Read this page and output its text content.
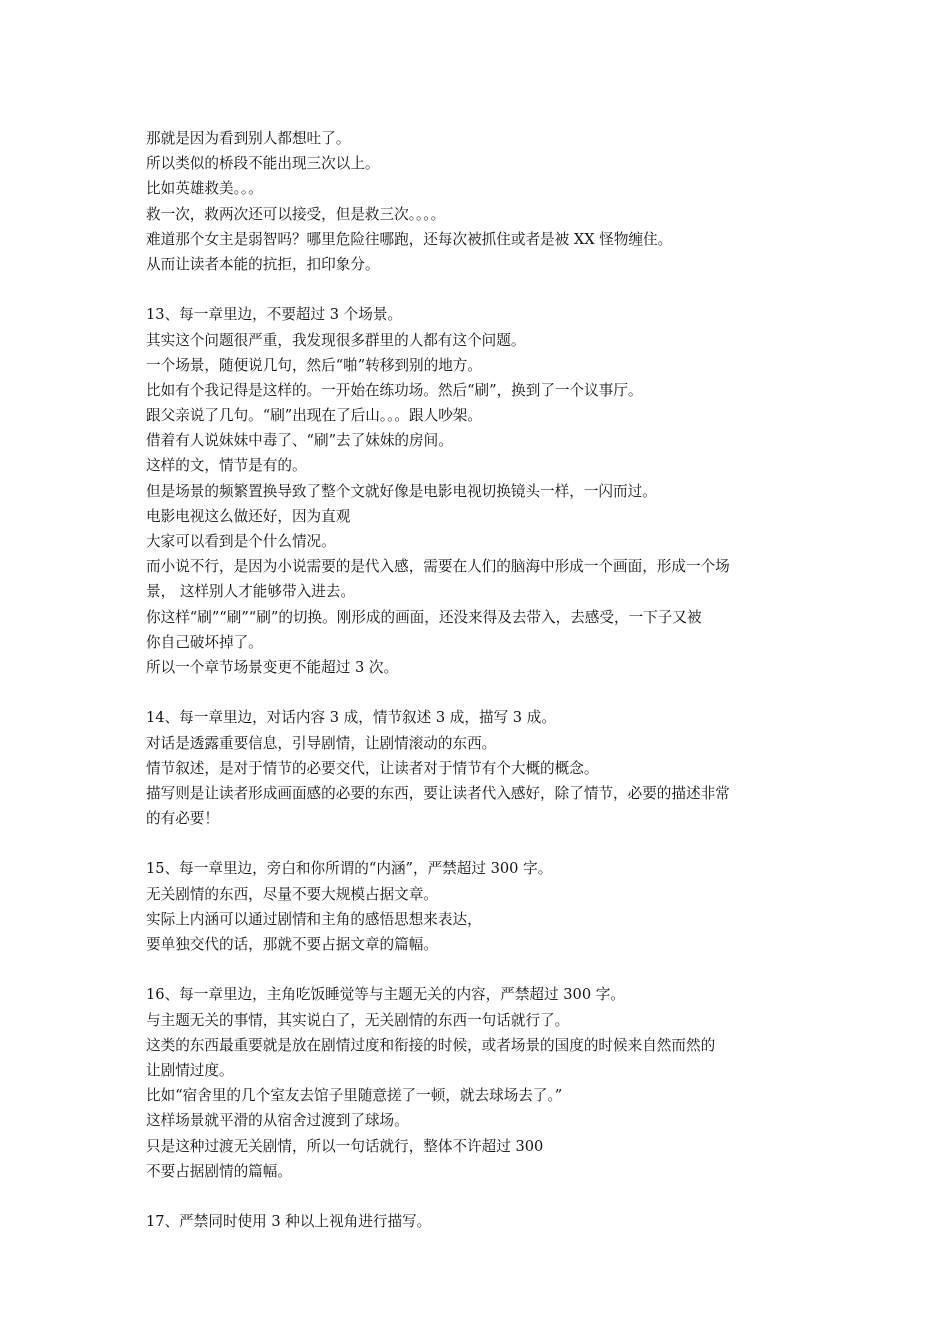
那就是因为看到别人都想吐了。
所以类似的桥段不能出现三次以上。
比如英雄救美。。。
救一次，救两次还可以接受，但是救三次。。。。
难道那个女主是弱智吗？哪里危险往哪跑，还每次被抓住或者是被 XX 怪物缠住。
从而让读者本能的抗拒，扣印象分。
13、每一章里边，不要超过 3 个场景。
其实这个问题很严重，我发现很多群里的人都有这个问题。
一个场景，随便说几句，然后“啪”转移到别的地方。
比如有个我记得是这样的。一开始在练功场。然后“刷”，换到了一个议事厅。
跟父亲说了几句。“刷”出现在了后山。。。跟人吵架。
借着有人说妹妹中毒了、“刷”去了妹妹的房间。
这样的文，情节是有的。
但是场景的频繁置换导致了整个文就好像是电影电视切换镜头一样，一闪而过。
电影电视这么做还好，因为直观
大家可以看到是个什么情况。
而小说不行，是因为小说需要的是代入感，需要在人们的脑海中形成一个画面，形成一个场
景， 这样别人才能够带入进去。
你这样“刷”“刷”“刷”的切换。刚形成的画面，还没来得及去带入，去感受，一下子又被
你自己破坏掉了。
所以一个章节场景变更不能超过 3 次。
14、每一章里边，对话内容 3 成，情节叙述 3 成，描写 3 成。
对话是透露重要信息，引导剧情，让剧情滚动的东西。
情节叙述，是对于情节的必要交代，让读者对于情节有个大概的概念。
描写则是让读者形成画面感的必要的东西，要让读者代入感好，除了情节，必要的描述非常
的有必要！
15、每一章里边，旁白和你所谓的“内涵”，严禁超过 300 字。
无关剧情的东西，尽量不要大规模占据文章。
实际上内涵可以通过剧情和主角的感悟思想来表达，
要单独交代的话，那就不要占据文章的篇幅。
16、每一章里边，主角吃饭睡觉等与主题无关的内容，严禁超过 300 字。
与主题无关的事情，其实说白了，无关剧情的东西一句话就行了。
这类的东西最重要就是放在剧情过度和衔接的时候，或者场景的国度的时候来自然而然的
让剧情过度。
比如“宿舍里的几个室友去馆子里随意搓了一顿，就去球场去了。”
这样场景就平滑的从宿舍过渡到了球场。
只是这种过渡无关剧情，所以一句话就行，整体不许超过 300
不要占据剧情的篇幅。
17、严禁同时使用 3 种以上视角进行描写。
